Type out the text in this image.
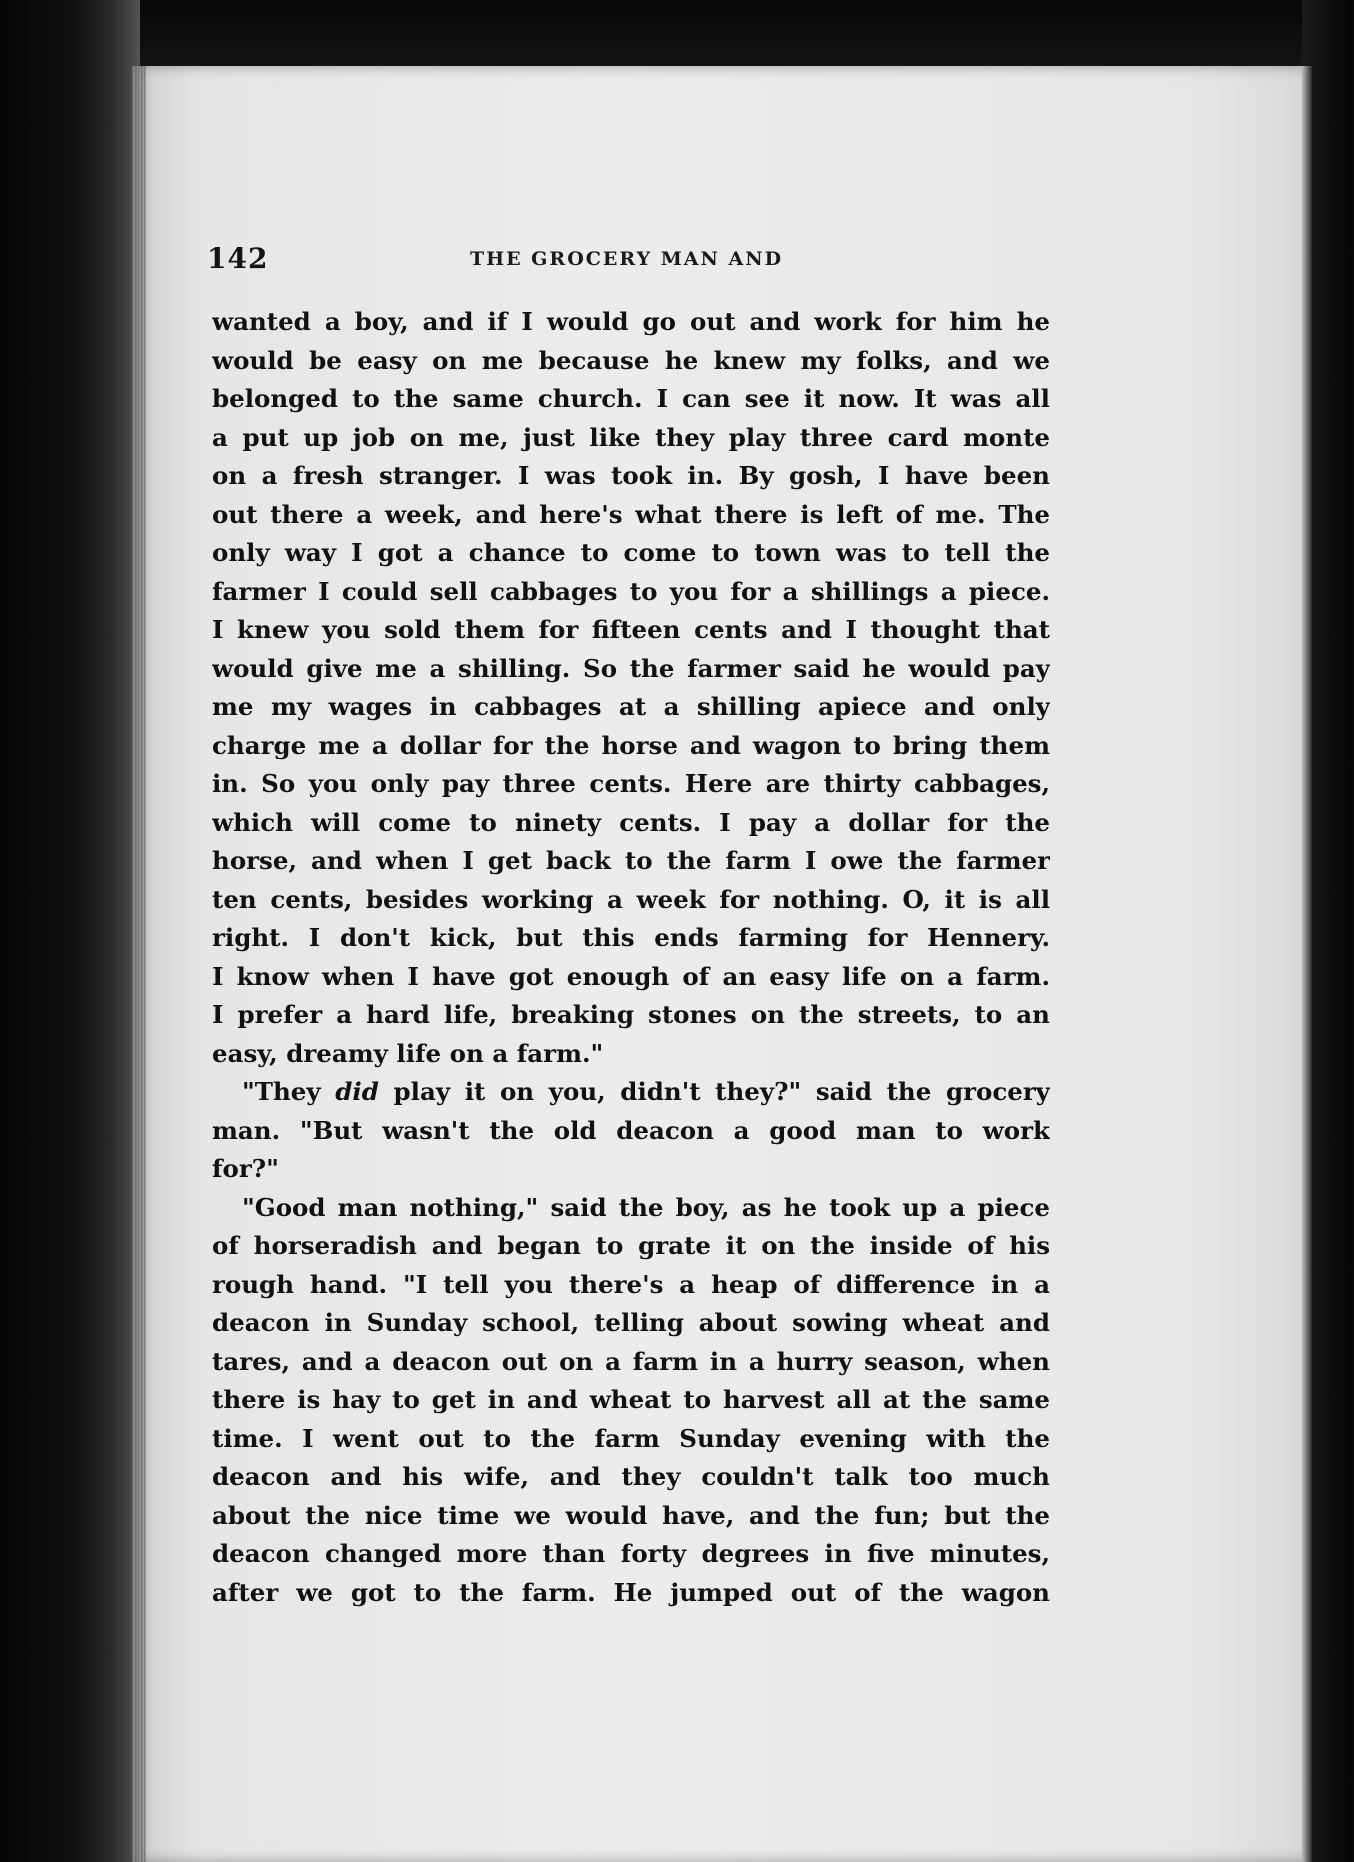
142	THE GROCERY MAN AND
wanted a boy, and if I would go out and work for him he
would be easy on me because he knew my folks, and we
belonged to the same church. I can see it now. It was all
a put up job on me, just like they play three card monte
on a fresh stranger. I was took in. By gosh, I have been
out there a week, and here's what there is left of me. The
only way I got a chance to come to town was to tell the
farmer I could sell cabbages to you for a shillings a piece.
I knew you sold them for fifteen cents and I thought that
would give me a shilling. So the farmer said he would pay
me my wages in cabbages at a shilling apiece and only
charge me a dollar for the horse and wagon to bring them
in. So you only pay three cents. Here are thirty cabbages,
which will come to ninety cents. I pay a dollar for the
horse, and when I get back to the farm I owe the farmer
ten cents, besides working a week for nothing. O, it is all
right. I don't kick, but this ends farming for Hennery.
I know when I have got enough of an easy life on a farm.
I prefer a hard life, breaking stones on the streets, to an
easy, dreamy life on a farm."
"They did play it on you, didn't they?" said the grocery
man. "But wasn't the old deacon a good man to work
for?"
"Good man nothing," said the boy, as he took up a piece
of horseradish and began to grate it on the inside of his
rough hand. "I tell you there's a heap of difference in a
deacon in Sunday school, telling about sowing wheat and
tares, and a deacon out on a farm in a hurry season, when
there is hay to get in and wheat to harvest all at the same
time. I went out to the farm Sunday evening with the
deacon and his wife, and they couldn't talk too much
about the nice time we would have, and the fun; but the
deacon changed more than forty degrees in five minutes,
after we got to the farm. He jumped out of the wagon
